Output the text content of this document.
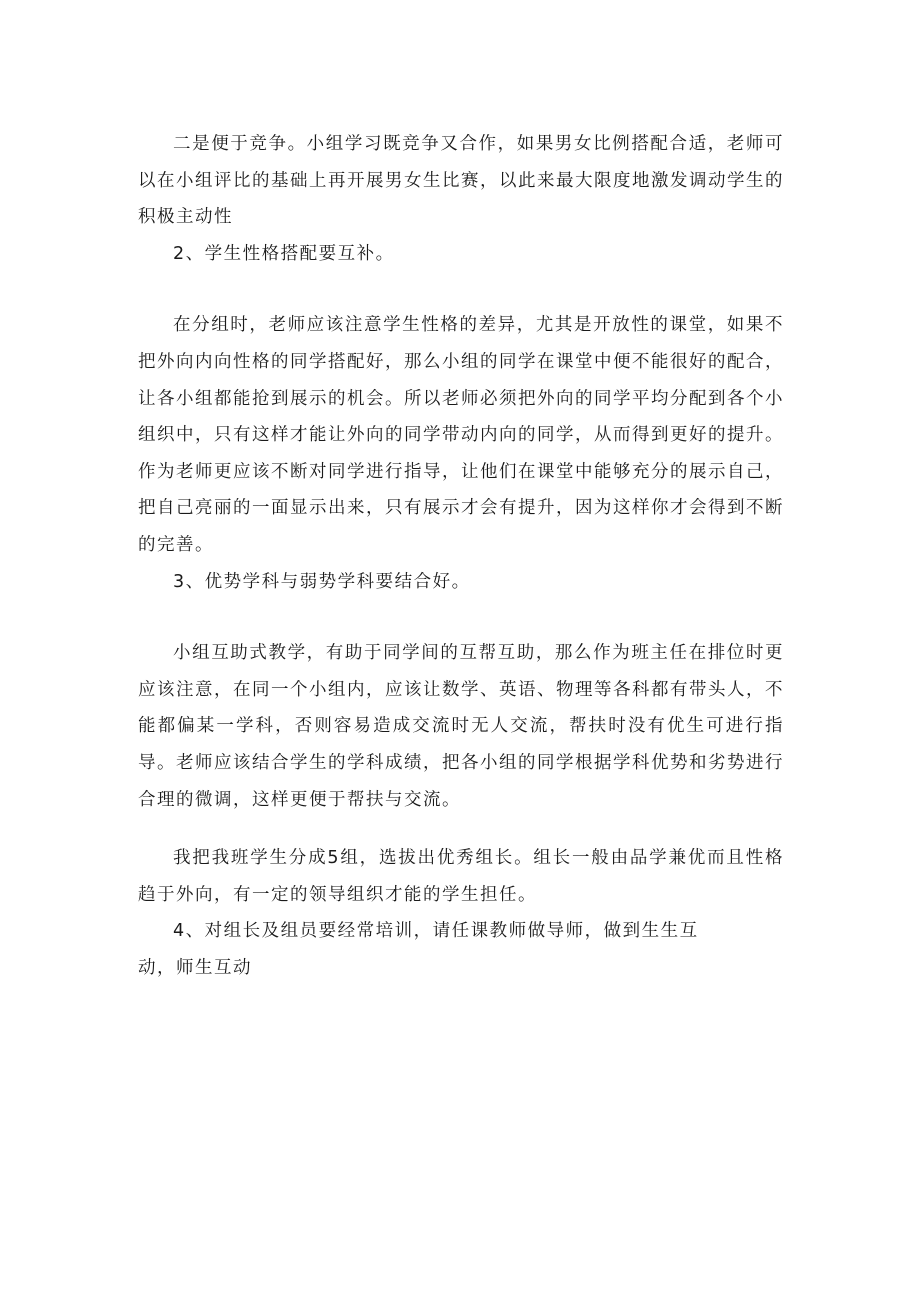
二是便于竞争。小组学习既竞争又合作，如果男女比例搭配合适，老师可以在小组评比的基础上再开展男女生比赛，以此来最大限度地激发调动学生的积极主动性

2、学生性格搭配要互补。

在分组时，老师应该注意学生性格的差异，尤其是开放性的课堂，如果不把外向内向性格的同学搭配好，那么小组的同学在课堂中便不能很好的配合，让各小组都能抢到展示的机会。所以老师必须把外向的同学平均分配到各个小组织中，只有这样才能让外向的同学带动内向的同学，从而得到更好的提升。作为老师更应该不断对同学进行指导，让他们在课堂中能够充分的展示自己，把自己亮丽的一面显示出来，只有展示才会有提升，因为这样你才会得到不断的完善。

3、优势学科与弱势学科要结合好。

小组互助式教学，有助于同学间的互帮互助，那么作为班主任在排位时更应该注意，在同一个小组内，应该让数学、英语、物理等各科都有带头人，不能都偏某一学科，否则容易造成交流时无人交流，帮扶时没有优生可进行指导。老师应该结合学生的学科成绩，把各小组的同学根据学科优势和劣势进行合理的微调，这样更便于帮扶与交流。

我把我班学生分成5组，选拔出优秀组长。组长一般由品学兼优而且性格趋于外向，有一定的领导组织才能的学生担任。

4、对组长及组员要经常培训，请任课教师做导师，做到生生互

动，师生互动
